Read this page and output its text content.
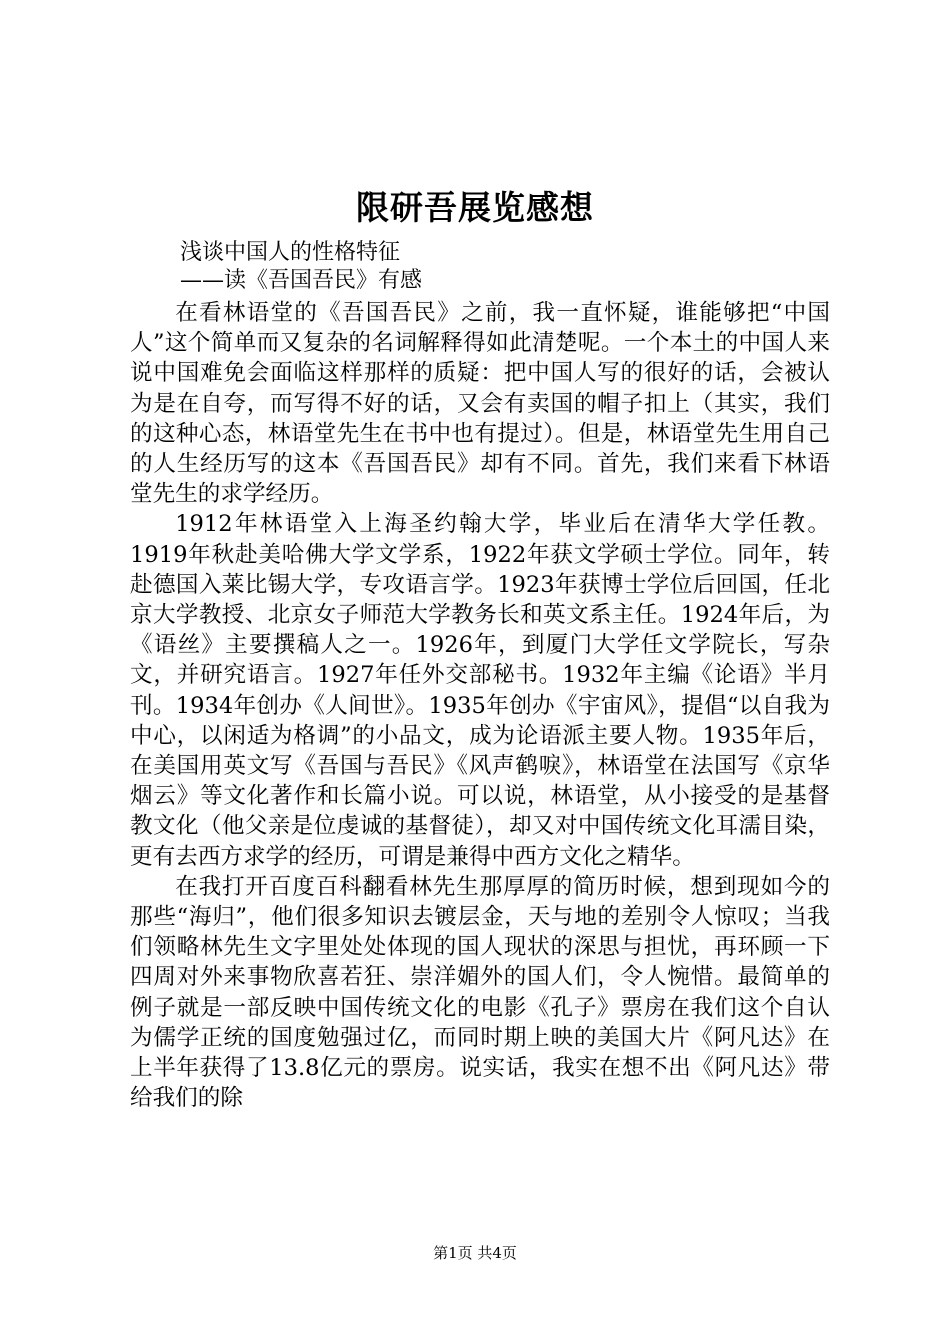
限研吾展览感想
浅谈中国人的性格特征
——读《吾国吾民》有感

在看林语堂的《吾国吾民》之前，我一直怀疑，谁能够把“中国人”这个简单而又复杂的名词解释得如此清楚呢。一个本土的中国人来说中国难免会面临这样那样的质疑：把中国人写的很好的话，会被认为是在自夸，而写得不好的话，又会有卖国的帽子扣上（其实，我们的这种心态，林语堂先生在书中也有提过）。但是，林语堂先生用自己的人生经历写的这本《吾国吾民》却有不同。首先，我们来看下林语堂先生的求学经历。

1912年林语堂入上海圣约翰大学，毕业后在清华大学任教。1919年秋赴美哈佛大学文学系，1922年获文学硕士学位。同年，转赴德国入莱比锡大学，专攻语言学。1923年获博士学位后回国，任北京大学教授、北京女子师范大学教务长和英文系主任。1924年后，为《语丝》主要撰稿人之一。1926年，到厦门大学任文学院长，写杂文，并研究语言。1927年任外交部秘书。1932年主编《论语》半月刊。1934年创办《人间世》。1935年创办《宇宙风》，提倡“以自我为中心，以闲适为格调”的小品文，成为论语派主要人物。1935年后，在美国用英文写《吾国与吾民》《风声鹤唳》，林语堂在法国写《京华烟云》等文化著作和长篇小说。可以说，林语堂，从小接受的是基督教文化（他父亲是位虔诚的基督徒），却又对中国传统文化耳濡目染，更有去西方求学的经历，可谓是兼得中西方文化之精华。

在我打开百度百科翻看林先生那厚厚的简历时候，想到现如今的那些“海归”，他们很多知识去镀层金，天与地的差别令人惊叹；当我们领略林先生文字里处处体现的国人现状的深思与担忧，再环顾一下四周对外来事物欣喜若狂、崇洋媚外的国人们，令人惋惜。最简单的例子就是一部反映中国传统文化的电影《孔子》票房在我们这个自认为儒学正统的国度勉强过亿，而同时期上映的美国大片《阿凡达》在上半年获得了13.8亿元的票房。说实话，我实在想不出《阿凡达》带给我们的除

第1页 共4页
